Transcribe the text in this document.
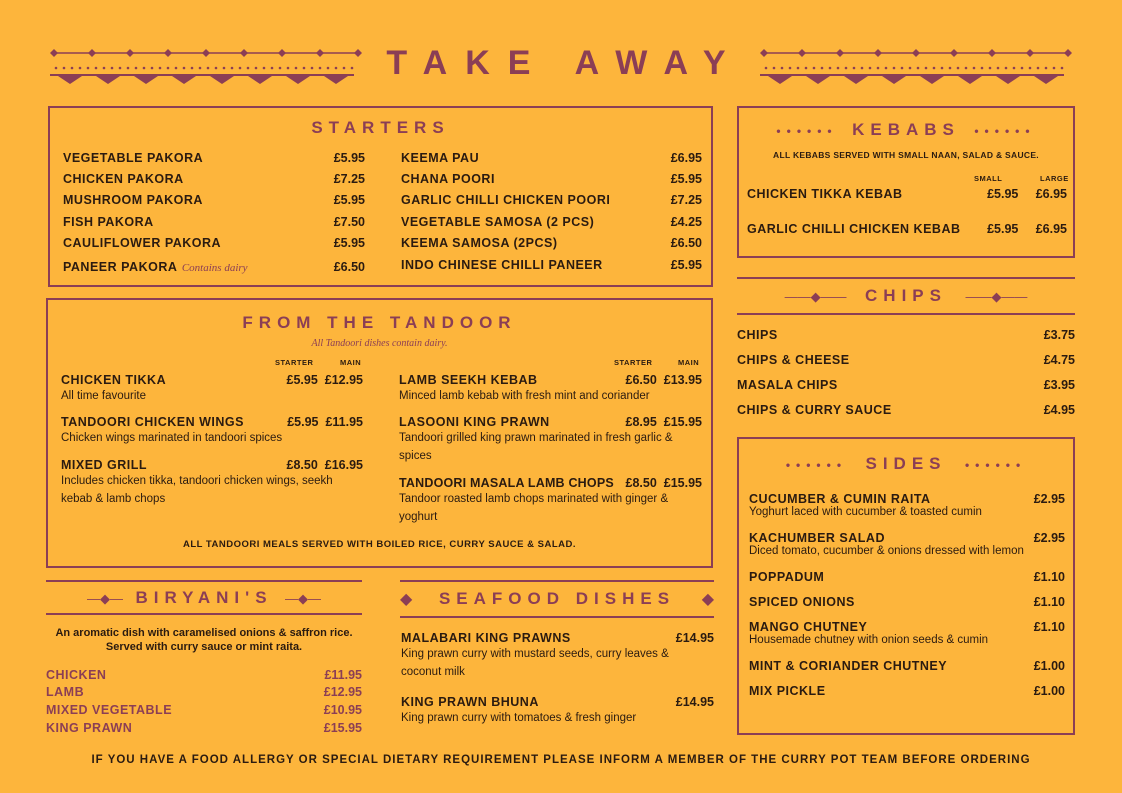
TAKE AWAY
STARTERS
VEGETABLE PAKORA	£5.95
CHICKEN PAKORA	£7.25
MUSHROOM PAKORA	£5.95
FISH PAKORA	£7.50
CAULIFLOWER PAKORA	£5.95
PANEER PAKORA Contains dairy	£6.50
KEEMA PAU	£6.95
CHANA POORI	£5.95
GARLIC CHILLI CHICKEN POORI	£7.25
VEGETABLE SAMOSA (2 PCS)	£4.25
KEEMA SAMOSA (2PCS)	£6.50
INDO CHINESE CHILLI PANEER	£5.95
FROM THE TANDOOR
All Tandoori dishes contain dairy.
STARTER	MAIN	STARTER	MAIN
CHICKEN TIKKA	£5.95 £12.95
All time favourite
TANDOORI CHICKEN WINGS	£5.95 £11.95
Chicken wings marinated in tandoori spices
MIXED GRILL	£8.50 £16.95
Includes chicken tikka, tandoori chicken wings, seekh kebab & lamb chops
LAMB SEEKH KEBAB	£6.50 £13.95
Minced lamb kebab with fresh mint and coriander
LASOONI KING PRAWN	£8.95 £15.95
Tandoori grilled king prawn marinated in fresh garlic & spices
TANDOORI MASALA LAMB CHOPS £8.50 £15.95
Tandoor roasted lamb chops marinated with ginger & yoghurt
ALL TANDOORI MEALS SERVED WITH BOILED RICE, CURRY SAUCE & SALAD.
—◆— BIRYANI'S —◆—
An aromatic dish with caramelised onions & saffron rice. Served with curry sauce or mint raita.
CHICKEN	£11.95
LAMB	£12.95
MIXED VEGETABLE	£10.95
KING PRAWN	£15.95
◆ SEAFOOD DISHES ◆
MALABARI KING PRAWNS	£14.95
King prawn curry with mustard seeds, curry leaves & coconut milk
KING PRAWN BHUNA	£14.95
King prawn curry with tomatoes & fresh ginger
•••••• KEBABS ••••••
ALL KEBABS SERVED WITH SMALL NAAN, SALAD & SAUCE.
SMALL	LARGE
CHICKEN TIKKA KEBAB	£5.95 £6.95
GARLIC CHILLI CHICKEN KEBAB £5.95 £6.95
——◆—— CHIPS ——◆——
CHIPS	£3.75
CHIPS & CHEESE	£4.75
MASALA CHIPS	£3.95
CHIPS & CURRY SAUCE	£4.95
•••••• SIDES ••••••
CUCUMBER & CUMIN RAITA	£2.95
Yoghurt laced with cucumber & toasted cumin
KACHUMBER SALAD	£2.95
Diced tomato, cucumber & onions dressed with lemon
POPPADUM	£1.10
SPICED ONIONS	£1.10
MANGO CHUTNEY	£1.10
Housemade chutney with onion seeds & cumin
MINT & CORIANDER CHUTNEY	£1.00
MIX PICKLE	£1.00
IF YOU HAVE A FOOD ALLERGY OR SPECIAL DIETARY REQUIREMENT PLEASE INFORM A MEMBER OF THE CURRY POT TEAM BEFORE ORDERING
